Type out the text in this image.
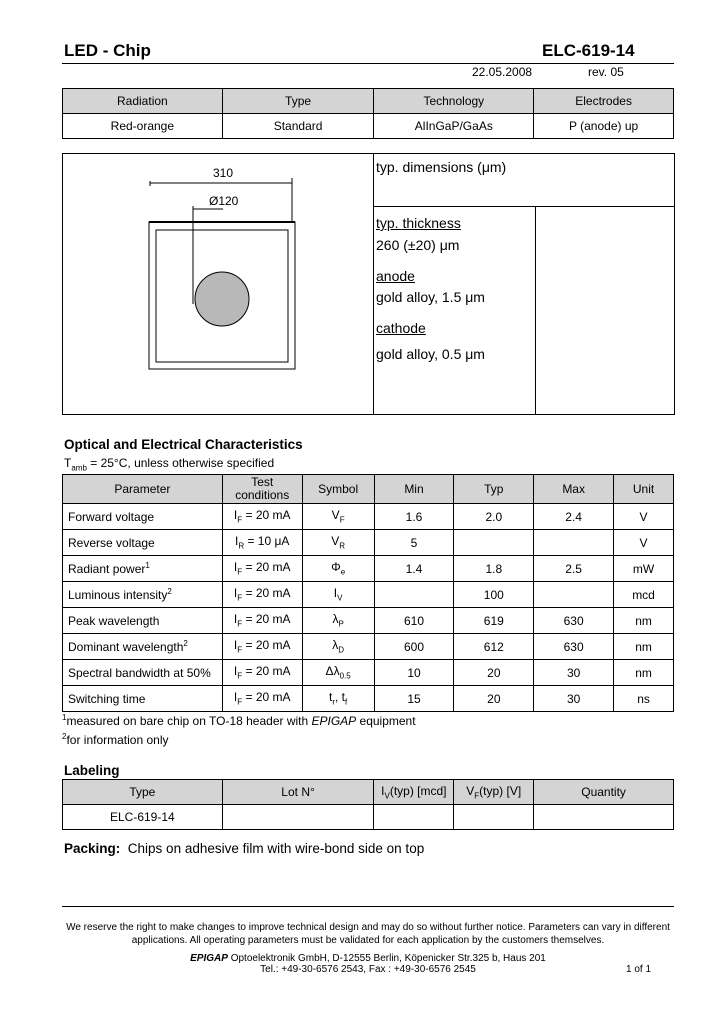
LED - Chip	ELC-619-14
22.05.2008	rev. 05
Radiation	Type	Technology	Electrodes
Red-orange	Standard	AlInGaP/GaAs	P (anode) up
310
Ø120
typ. dimensions (μm)
typ. thickness
260 (±20) μm
anode
gold alloy, 1.5 μm
cathode
gold alloy, 0.5 μm
Optical and Electrical Characteristics
$T_{amb} = 25^\circ C$, unless otherwise specified
Parameter	Test conditions	Symbol	Min	Typ	Max	Unit
Forward voltage	$I_F = 20$ mA	$V_F$	1.6	2.0	2.4	V
Reverse voltage	$I_R = 10$ μA	$V_R$	5			V
Radiant power$^1$	$I_F = 20$ mA	$\Phi_e$	1.4	1.8	2.5	mW
Luminous intensity$^2$	$I_F = 20$ mA	$I_V$		100		mcd
Peak wavelength	$I_F = 20$ mA	$\lambda_P$	610	619	630	nm
Dominant wavelength$^2$	$I_F = 20$ mA	$\lambda_D$	600	612	630	nm
Spectral bandwidth at 50%	$I_F = 20$ mA	$\Delta\lambda_{0.5}$	10	20	30	nm
Switching time	$I_F = 20$ mA	$t_r$, $t_f$	15	20	30	ns
$^1$measured on bare chip on TO-18 header with EPIGAP equipment
$^2$for information only
Labeling
Type	Lot N°	$I_V(typ)$ [mcd]	$V_F(typ)$ [V]	Quantity
ELC-619-14				
Packing: Chips on adhesive film with wire-bond side on top
We reserve the right to make changes to improve technical design and may do so without further notice. Parameters can vary in different
applications. All operating parameters must be validated for each application by the customers themselves.
EPIGAP Optoelektronik GmbH, D-12555 Berlin, Köpenicker Str.325 b, Haus 201
Tel.: +49-30-6576 2543, Fax : +49-30-6576 2545	1 of 1
